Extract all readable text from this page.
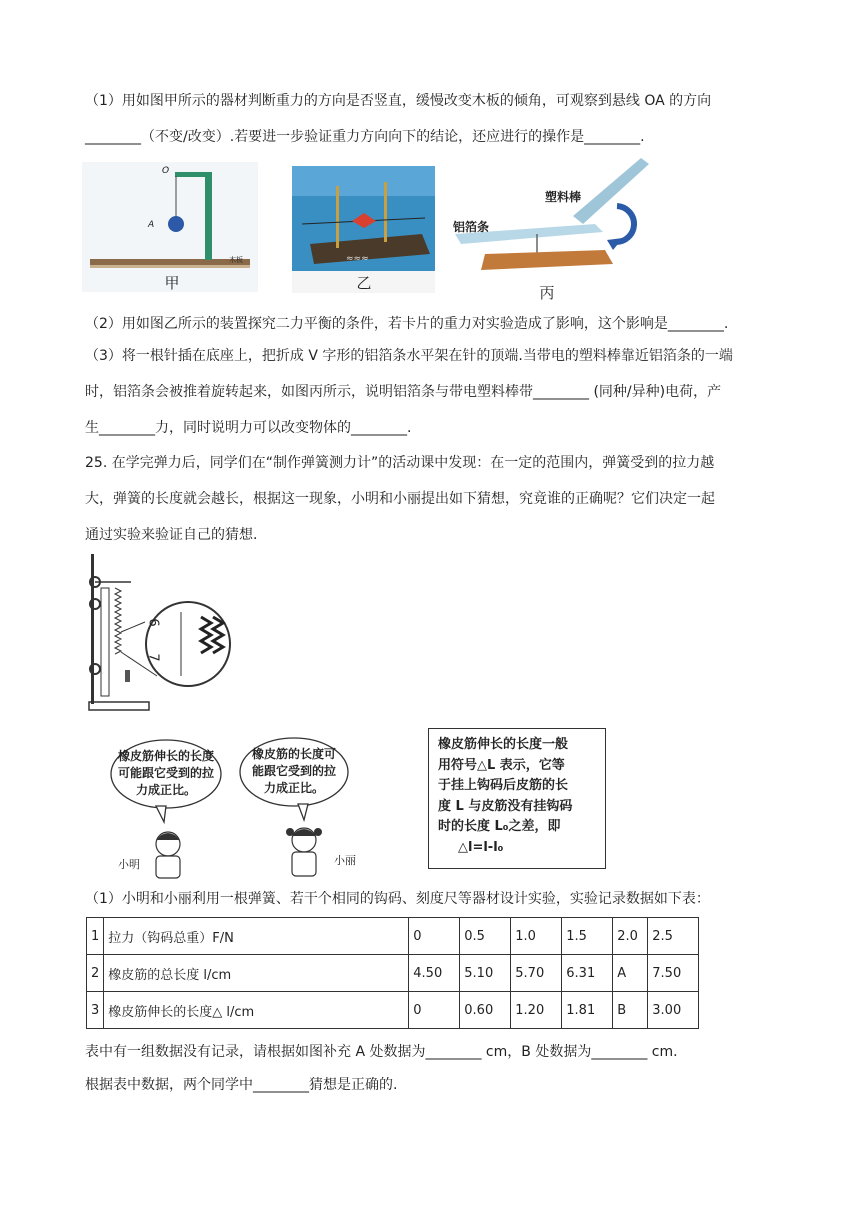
（1）用如图甲所示的器材判断重力的方向是否竖直，缓慢改变木板的倾角，可观察到悬线 OA 的方向
________（不变/改变）.若要进一步验证重力方向向下的结论，还应进行的操作是________.
O
A
木板
甲
≈≈≈
乙
塑料棒
铝箔条
丙
（2）用如图乙所示的装置探究二力平衡的条件，若卡片的重力对实验造成了影响，这个影响是________.
（3）将一根针插在底座上，把折成 V 字形的铝箔条水平架在针的顶端.当带电的塑料棒靠近铝箔条的一端
时，铝箔条会被推着旋转起来，如图丙所示，说明铝箔条与带电塑料棒带________ (同种/异种)电荷，产
生________力，同时说明力可以改变物体的________.
25. 在学完弹力后，同学们在“制作弹簧测力计”的活动课中发现：在一定的范围内，弹簧受到的拉力越
大，弹簧的长度就会越长，根据这一现象，小明和小丽提出如下猜想，究竟谁的正确呢？它们决定一起
通过实验来验证自己的猜想.
6
7
橡皮筋伸长的长度
可能跟它受到的拉
力成正比。
橡皮筋的长度可
能跟它受到的拉
力成正比。
小明	小丽
橡皮筋伸长的长度一般
用符号△L 表示，它等
于挂上钩码后皮筋的长
度 L 与皮筋没有挂钩码
时的长度 L₀之差，即
△l=l-l₀
（1）小明和小丽利用一根弹簧、若干个相同的钩码、刻度尺等器材设计实验，实验记录数据如下表：
1	拉力（钩码总重）F/N	0	0.5	1.0	1.5	2.0	2.5
2	橡皮筋的总长度 l/cm	4.50	5.10	5.70	6.31	A	7.50
3	橡皮筋伸长的长度△ l/cm	0	0.60	1.20	1.81	B	3.00
表中有一组数据没有记录，请根据如图补充 A 处数据为________ cm，B 处数据为________ cm.
根据表中数据，两个同学中________猜想是正确的.
